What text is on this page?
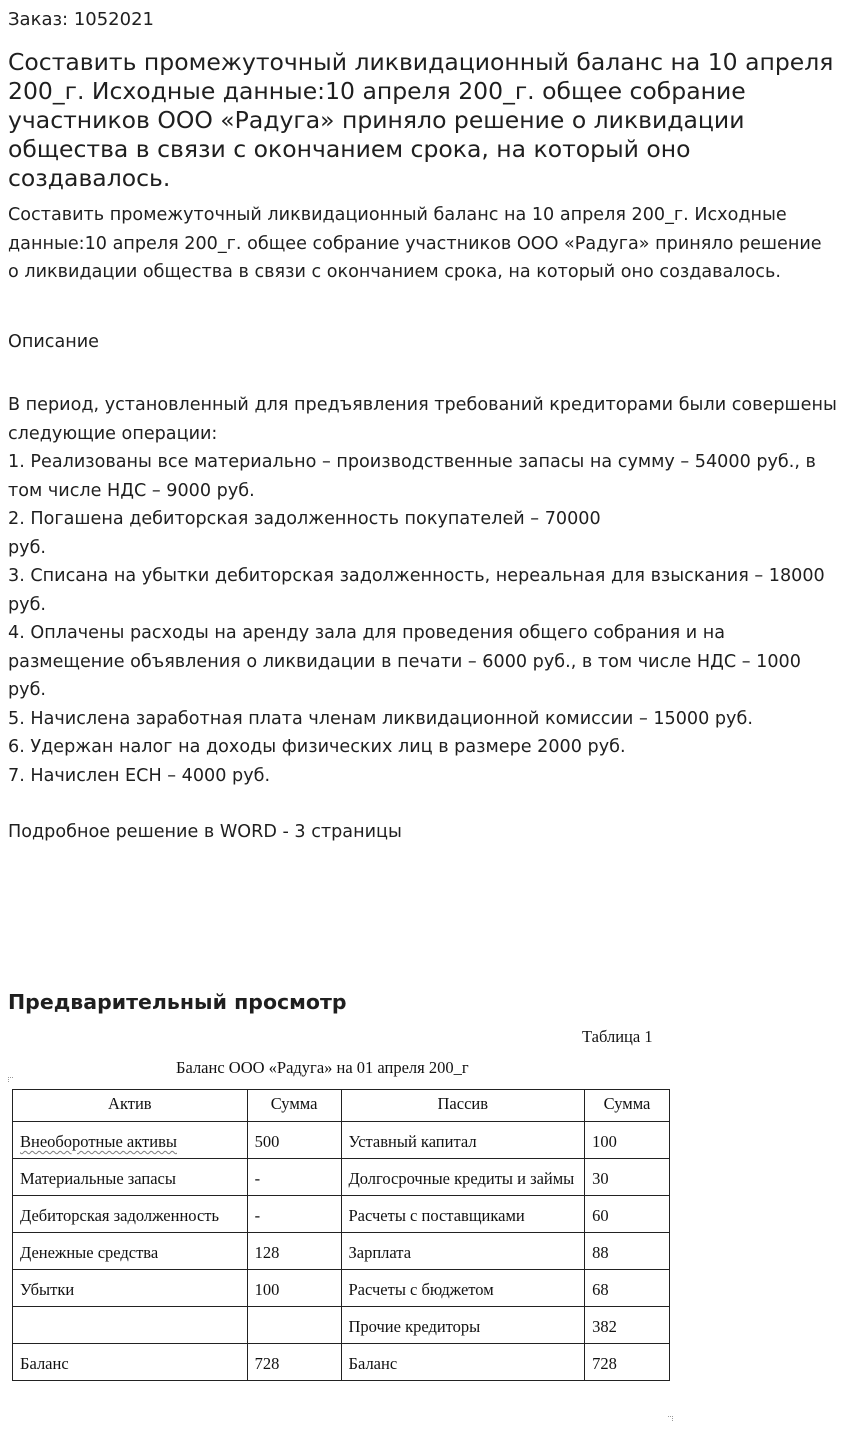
Заказ: 1052021
Составить промежуточный ликвидационный баланс на 10 апреля 200_г. Исходные данные:10 апреля 200_г. общее собрание участников ООО «Радуга» приняло решение о ликвидации общества в связи с окончанием срока, на который оно создавалось.

Составить промежуточный ликвидационный баланс на 10 апреля 200_г. Исходные данные:10 апреля 200_г. общее собрание участников ООО «Радуга» приняло решение о ликвидации общества в связи с окончанием срока, на который оно создавалось.

Описание

В период, установленный для предъявления требований кредиторами были совершены следующие операции:

1. Реализованы все материально – производственные запасы на сумму – 54000 руб., в том числе НДС – 9000 руб.

2. Погашена дебиторская задолженность покупателей – 70000

руб.

3. Списана на убытки дебиторская задолженность, нереальная для взыскания – 18000 руб.

4. Оплачены расходы на аренду зала для проведения общего собрания и на размещение объявления о ликвидации в печати – 6000 руб., в том числе НДС – 1000 руб.

5. Начислена заработная плата членам ликвидационной комиссии – 15000 руб.

6. Удержан налог на доходы физических лиц в размере 2000 руб.

7. Начислен ЕСН – 4000 руб.

Подробное решение в WORD - 3 страницы

Предварительный просмотр
Таблица 1
Баланс ООО «Радуга» на 01 апреля 200_г
Актив	Сумма	Пассив	Сумма
Внеоборотные активы	500	Уставный капитал	100
Материальные запасы	-	Долгосрочные кредиты и займы	30
Дебиторская задолженность	-	Расчеты с поставщиками	60
Денежные средства	128	Зарплата	88
Убытки	100	Расчеты с бюджетом	68
		Прочие кредиторы	382
Баланс	728	Баланс	728
